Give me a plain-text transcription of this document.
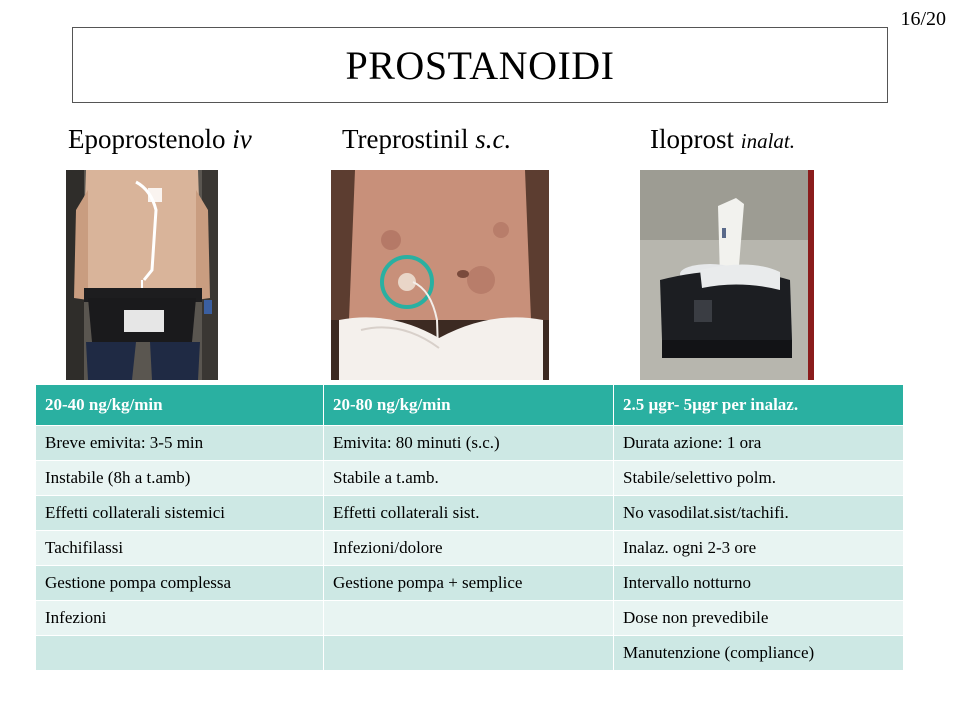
16/20
PROSTANOIDI
Epoprostenolo iv	Treprostinil s.c.	Iloprost inalat.
20-40 ng/kg/min	20-80 ng/kg/min	2.5 µgr- 5µgr per inalaz.
Breve emivita: 3-5 min	Emivita: 80 minuti (s.c.)	Durata azione: 1 ora
Instabile (8h a t.amb)	Stabile a t.amb.	Stabile/selettivo polm.
Effetti collaterali sistemici	Effetti collaterali sist.	No vasodilat.sist/tachifi.
Tachifilassi	Infezioni/dolore	Inalaz. ogni 2-3 ore
Gestione pompa complessa	Gestione pompa + semplice	Intervallo notturno
Infezioni		Dose non prevedibile
		Manutenzione (compliance)
